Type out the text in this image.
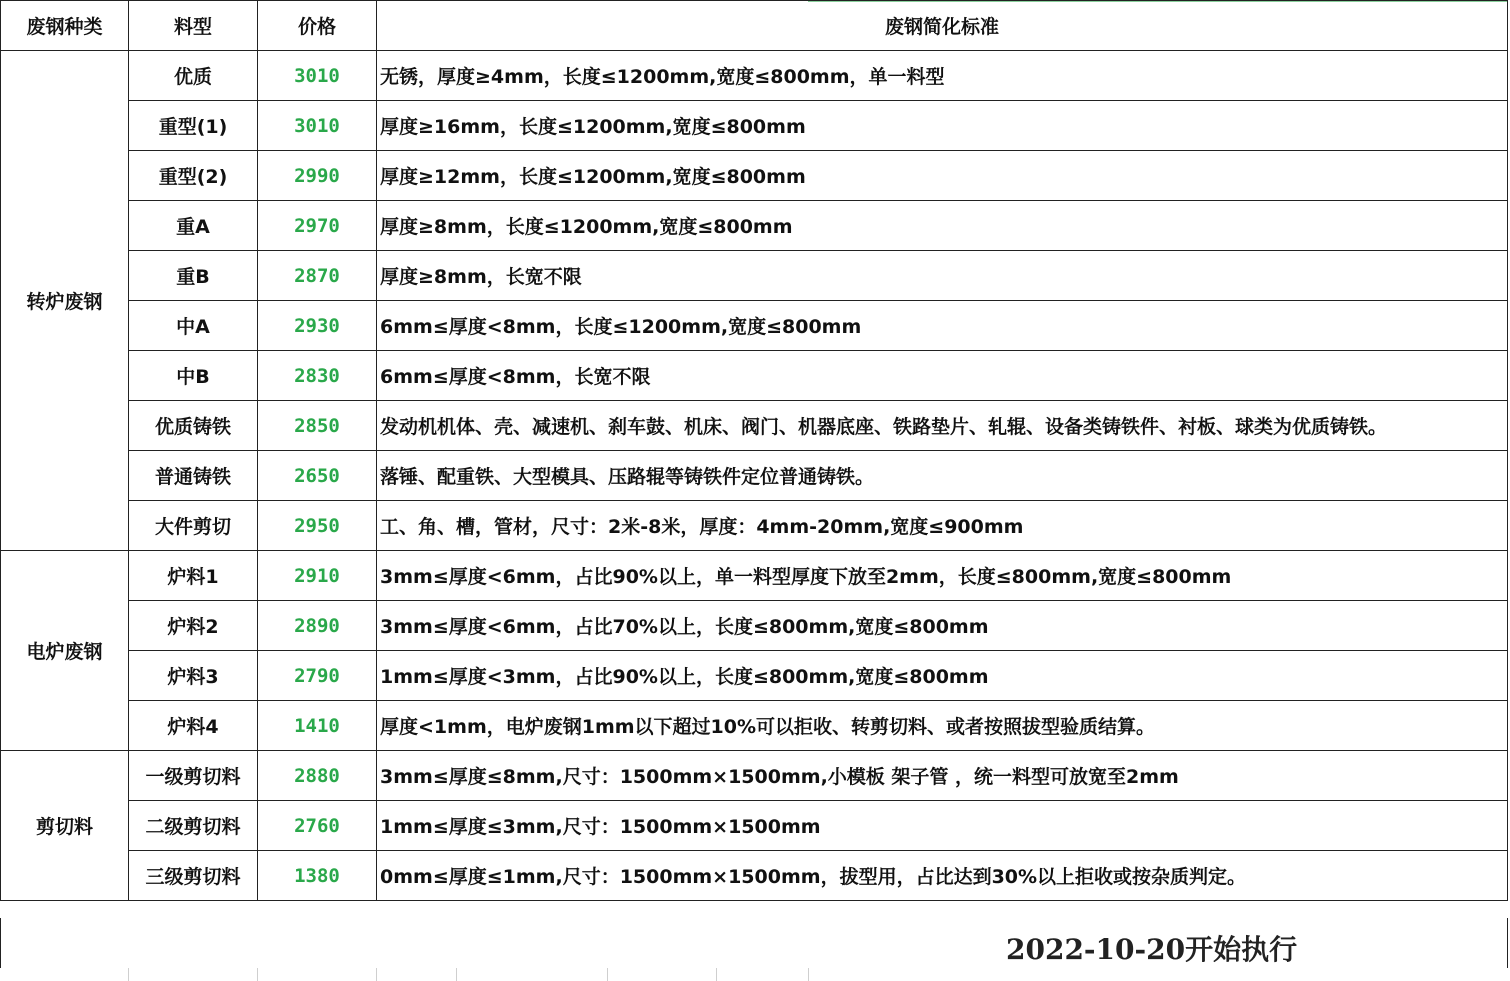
废钢种类	料型	价格	废钢简化标准
转炉废钢	优质	3010	无锈，厚度≥4mm，长度≤1200mm,宽度≤800mm，单一料型
	重型(1)	3010	厚度≥16mm，长度≤1200mm,宽度≤800mm
	重型(2)	2990	厚度≥12mm，长度≤1200mm,宽度≤800mm
	重A	2970	厚度≥8mm，长度≤1200mm,宽度≤800mm
	重B	2870	厚度≥8mm，长宽不限
	中A	2930	6mm≤厚度<8mm，长度≤1200mm,宽度≤800mm
	中B	2830	6mm≤厚度<8mm，长宽不限
	优质铸铁	2850	发动机机体、壳、减速机、刹车鼓、机床、阀门、机器底座、铁路垫片、轧辊、设备类铸铁件、衬板、球类为优质铸铁。
	普通铸铁	2650	落锤、配重铁、大型模具、压路辊等铸铁件定位普通铸铁。
	大件剪切	2950	工、角、槽，管材，尺寸：2米-8米，厚度：4mm-20mm,宽度≤900mm
电炉废钢	炉料1	2910	3mm≤厚度<6mm，占比90%以上，单一料型厚度下放至2mm，长度≤800mm,宽度≤800mm
	炉料2	2890	3mm≤厚度<6mm，占比70%以上，长度≤800mm,宽度≤800mm
	炉料3	2790	1mm≤厚度<3mm，占比90%以上，长度≤800mm,宽度≤800mm
	炉料4	1410	厚度<1mm，电炉废钢1mm以下超过10%可以拒收、转剪切料、或者按照拔型验质结算。
剪切料	一级剪切料	2880	3mm≤厚度≤8mm,尺寸：1500mm×1500mm,小模板 架子管 ，统一料型可放宽至2mm
	二级剪切料	2760	1mm≤厚度≤3mm,尺寸：1500mm×1500mm
	三级剪切料	1380	0mm≤厚度≤1mm,尺寸：1500mm×1500mm，拔型用，占比达到30%以上拒收或按杂质判定。
2022-10-20开始执行
